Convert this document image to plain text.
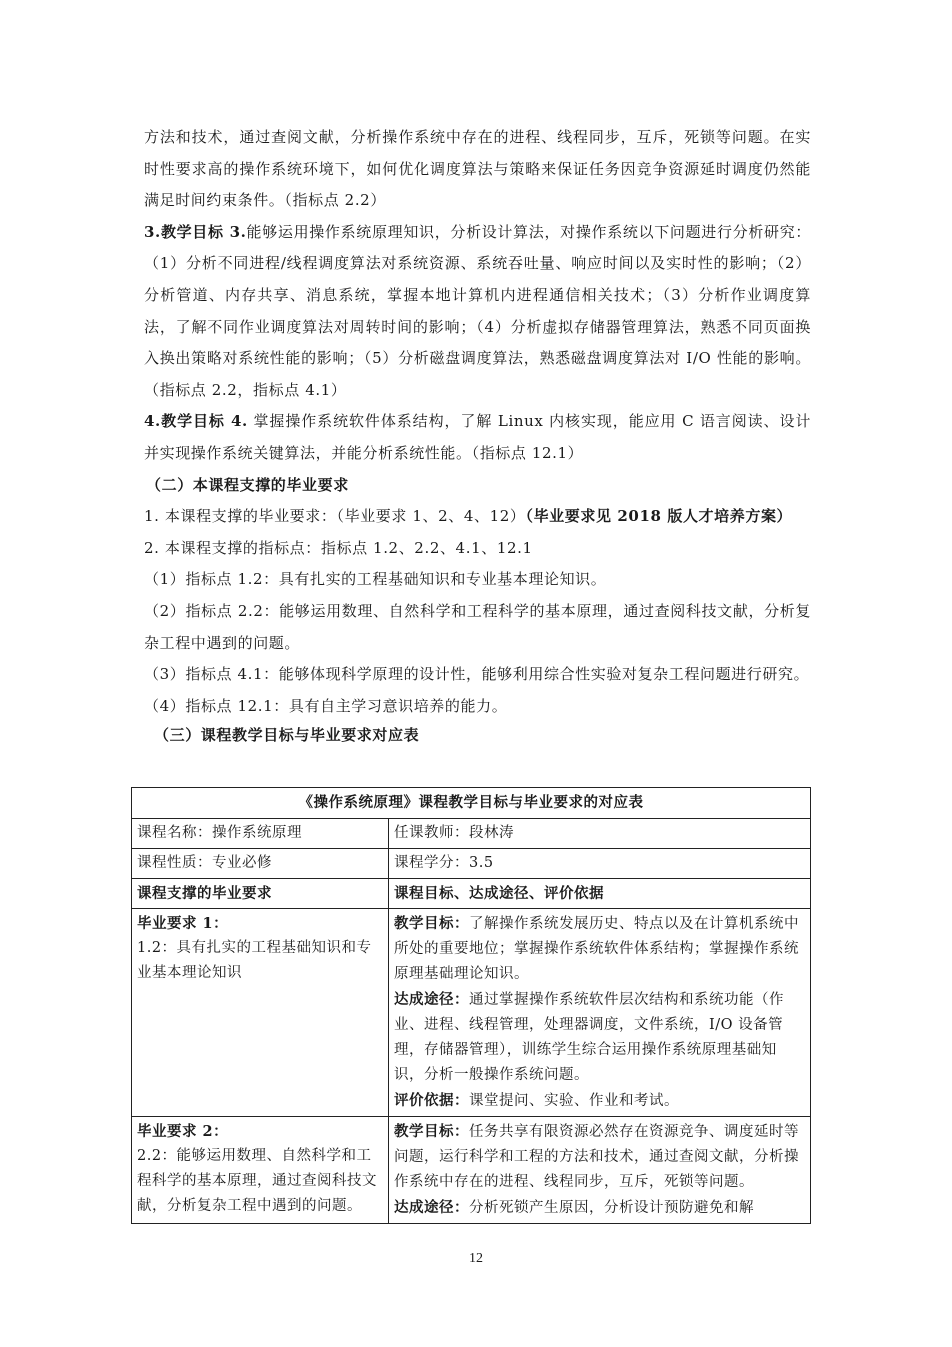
方法和技术，通过查阅文献，分析操作系统中存在的进程、线程同步，互斥，死锁等问题。在实时性要求高的操作系统环境下，如何优化调度算法与策略来保证任务因竞争资源延时调度仍然能满足时间约束条件。（指标点 2.2）

3.教学目标 3.能够运用操作系统原理知识，分析设计算法，对操作系统以下问题进行分析研究：（1）分析不同进程/线程调度算法对系统资源、系统吞吐量、响应时间以及实时性的影响；（2）分析管道、内存共享、消息系统，掌握本地计算机内进程通信相关技术；（3）分析作业调度算法，了解不同作业调度算法对周转时间的影响；（4）分析虚拟存储器管理算法，熟悉不同页面换入换出策略对系统性能的影响；（5）分析磁盘调度算法，熟悉磁盘调度算法对 I/O 性能的影响。（指标点 2.2，指标点 4.1）

4.教学目标 4. 掌握操作系统软件体系结构，了解 Linux 内核实现，能应用 C 语言阅读、设计并实现操作系统关键算法，并能分析系统性能。（指标点 12.1）

（二）本课程支撑的毕业要求

1. 本课程支撑的毕业要求：（毕业要求 1、2、4、12）（毕业要求见 2018 版人才培养方案）

2. 本课程支撑的指标点：指标点 1.2、2.2、4.1、12.1

（1）指标点 1.2：具有扎实的工程基础知识和专业基本理论知识。

（2）指标点 2.2：能够运用数理、自然科学和工程科学的基本原理，通过查阅科技文献，分析复杂工程中遇到的问题。

（3）指标点 4.1：能够体现科学原理的设计性，能够利用综合性实验对复杂工程问题进行研究。

（4）指标点 12.1：具有自主学习意识培养的能力。

（三）课程教学目标与毕业要求对应表

《操作系统原理》课程教学目标与毕业要求的对应表	
课程名称：操作系统原理	任课教师：段林涛
课程性质：专业必修	课程学分：3.5
课程支撑的毕业要求	课程目标、达成途径、评价依据

毕业要求 1：
1.2：具有扎实的工程基础知识和专业基本理论知识	教学目标：了解操作系统发展历史、特点以及在计算机系统中所处的重要地位；掌握操作系统软件体系结构；掌握操作系统原理基础理论知识。
达成途径：通过掌握操作系统软件层次结构和系统功能（作业、进程、线程管理，处理器调度，文件系统，I/O 设备管理，存储器管理），训练学生综合运用操作系统原理基础知识，分析一般操作系统问题。
评价依据：课堂提问、实验、作业和考试。

毕业要求 2：
2.2：能够运用数理、自然科学和工程科学的基本原理，通过查阅科技文献，分析复杂工程中遇到的问题。	教学目标：任务共享有限资源必然存在资源竞争、调度延时等问题，运行科学和工程的方法和技术，通过查阅文献，分析操作系统中存在的进程、线程同步，互斥，死锁等问题。
达成途径：分析死锁产生原因，分析设计预防避免和解
12
